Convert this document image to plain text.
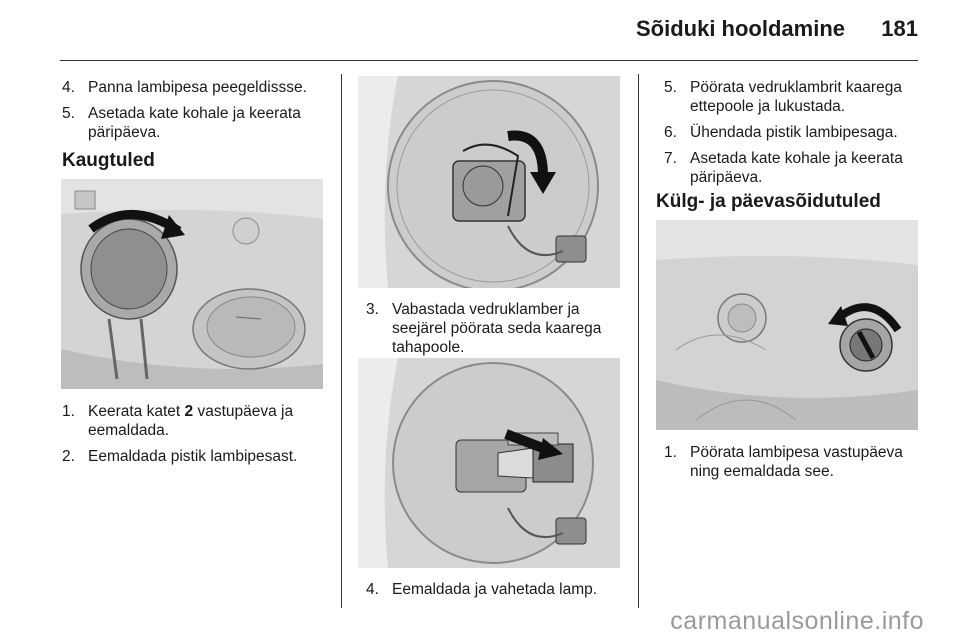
Sõiduki hooldamine 181
4. Panna lambipesa peegeldissse.
5. Asetada kate kohale ja keerata päripäeva.
Kaugtuled
1. Keerata katet 2 vastupäeva ja eemaldada.
2. Eemaldada pistik lambipesast.
3. Vabastada vedruklamber ja seejärel pöörata seda kaarega tahapoole.
4. Eemaldada ja vahetada lamp.
5. Pöörata vedruklambrit kaarega ettepoole ja lukustada.
6. Ühendada pistik lambipesaga.
7. Asetada kate kohale ja keerata päripäeva.
Külg- ja päevasõidutuled
1. Pöörata lambipesa vastupäeva ning eemaldada see.
carmanualsonline.info
